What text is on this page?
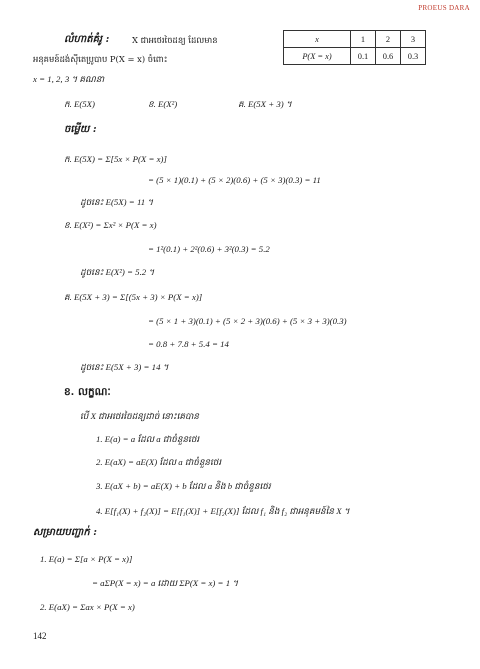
PROEUS DARA
លំហាត់គំរូ :	X ជាអថេរចៃដន្យ ដែលមាន
អនុគមន៍ដង់ស៊ីតេប្រូបាប P(X = x) ចំពោះ
x = 1, 2, 3 ។ គណនា
x	1	2	3
P(X = x)	0.1	0.6	0.3
ក. E(5X)	ខ. E(X²)	គ. E(5X + 3) ។
ចម្លើយ :
ក. E(5X) = Σ[5x × P(X = x)]
= (5 × 1)(0.1) + (5 × 2)(0.6) + (5 × 3)(0.3) = 11
ដូចនេះ E(5X) = 11 ។
ខ. E(X²) = Σx² × P(X = x)
= 1²(0.1) + 2²(0.6) + 3²(0.3) = 5.2
ដូចនេះ E(X²) = 5.2 ។
គ. E(5X + 3) = Σ[(5x + 3) × P(X = x)]
= (5 × 1 + 3)(0.1) + (5 × 2 + 3)(0.6) + (5 × 3 + 3)(0.3)
= 0.8 + 7.8 + 5.4 = 14
ដូចនេះ E(5X + 3) = 14 ។
ខ. លក្ខណៈ
បើ X ជាអថេរចៃដន្យដាច់ នោះគេបាន
1. E(a) = a ដែល a ជាចំនួនថេរ
2. E(aX) = aE(X) ដែល a ជាចំនួនថេរ
3. E(aX + b) = aE(X) + b ដែល a និង b ជាចំនួនថេរ
4. E[f₁(X) + f₂(X)] = E[f₁(X)] + E[f₂(X)] ដែល f₁ និង f₂ ជាអនុគមន៍នៃ X ។
សម្រាយបញ្ជាក់ :
1. E(a) = Σ[a × P(X = x)]
= aΣP(X = x) = a ដោយ ΣP(X = x) = 1 ។
2. E(aX) = Σax × P(X = x)
142
